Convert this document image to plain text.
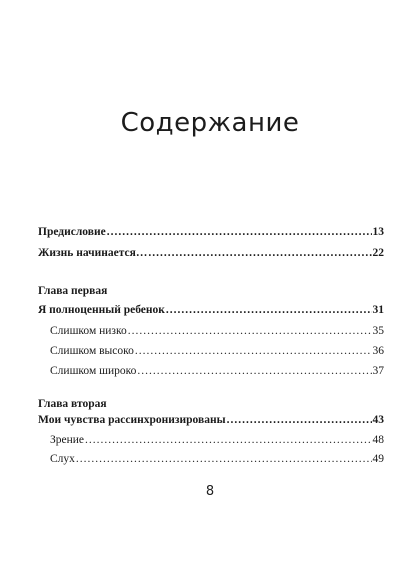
Содержание
Предисловие .....	13
Жизнь начинается… .....	22
Глава первая
Я полноценный ребенок .....	31
Слишком низко .....	35
Слишком высоко .....	36
Слишком широко .....	37
Глава вторая
Мои чувства рассинхронизированы .....	43
Зрение .....	48
Слух .....	49
8
